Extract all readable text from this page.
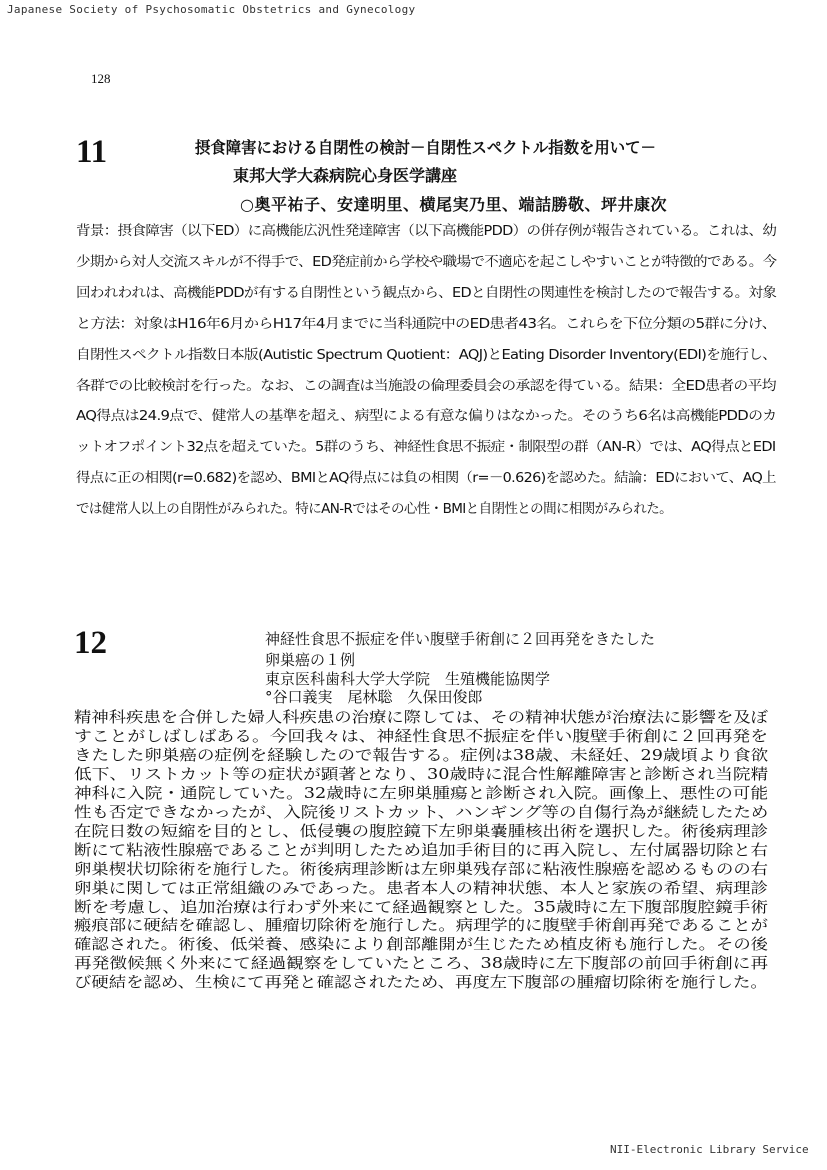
Japanese Society of Psychosomatic Obstetrics and Gynecology
128
11	摂食障害における自閉性の検討－自閉性スペクトル指数を用いて－
東邦大学大森病院心身医学講座
○奥平祐子、安達明里、横尾実乃里、端詰勝敬、坪井康次
背景：摂食障害（以下ED）に高機能広汎性発達障害（以下高機能PDD）の併存例が報告されている。これは、幼
少期から対人交流スキルが不得手で、ED発症前から学校や職場で不適応を起こしやすいことが特徴的である。今
回われわれは、高機能PDDが有する自閉性という観点から、EDと自閉性の関連性を検討したので報告する。対象
と方法：対象はH16年6月からH17年4月までに当科通院中のED患者43名。これらを下位分類の5群に分け、
自閉性スペクトル指数日本版(Autistic Spectrum Quotient：AQJ)とEating Disorder Inventory(EDI)を施行し、
各群での比較検討を行った。なお、この調査は当施設の倫理委員会の承認を得ている。結果：全ED患者の平均
AQ得点は24.9点で、健常人の基準を超え、病型による有意な偏りはなかった。そのうち6名は高機能PDDのカ
ットオフポイント32点を超えていた。5群のうち、神経性食思不振症・制限型の群（AN-R）では、AQ得点とEDI
得点に正の相関(r=0.682)を認め、BMIとAQ得点には負の相関（r=－0.626)を認めた。結論：EDにおいて、AQ上
では健常人以上の自閉性がみられた。特にAN-Rではその心性・BMIと自閉性との間に相関がみられた。
12	神経性食思不振症を伴い腹壁手術創に２回再発をきたした
卵巣癌の１例
東京医科歯科大学大学院　生殖機能協関学
°谷口義実　尾林聡　久保田俊郎
精神科疾患を合併した婦人科疾患の治療に際しては、その精神状態が治療法に影響を及ぼ
すことがしばしばある。今回我々は、神経性食思不振症を伴い腹壁手術創に２回再発を
きたした卵巣癌の症例を経験したので報告する。症例は38歳、未経妊、29歳頃より食欲
低下、リストカット等の症状が顕著となり、30歳時に混合性解離障害と診断され当院精
神科に入院・通院していた。32歳時に左卵巣腫瘍と診断され入院。画像上、悪性の可能
性も否定できなかったが、入院後リストカット、ハンギング等の自傷行為が継続したため
在院日数の短縮を目的とし、低侵襲の腹腔鏡下左卵巣嚢腫核出術を選択した。術後病理診
断にて粘液性腺癌であることが判明したため追加手術目的に再入院し、左付属器切除と右
卵巣楔状切除術を施行した。術後病理診断は左卵巣残存部に粘液性腺癌を認めるものの右
卵巣に関しては正常組織のみであった。患者本人の精神状態、本人と家族の希望、病理診
断を考慮し、追加治療は行わず外来にて経過観察とした。35歳時に左下腹部腹腔鏡手術
瘢痕部に硬結を確認し、腫瘤切除術を施行した。病理学的に腹壁手術創再発であることが
確認された。術後、低栄養、感染により創部離開が生じたため植皮術も施行した。その後
再発徴候無く外来にて経過観察をしていたところ、38歳時に左下腹部の前回手術創に再
び硬結を認め、生検にて再発と確認されたため、再度左下腹部の腫瘤切除術を施行した。
NII-Electronic Library Service
